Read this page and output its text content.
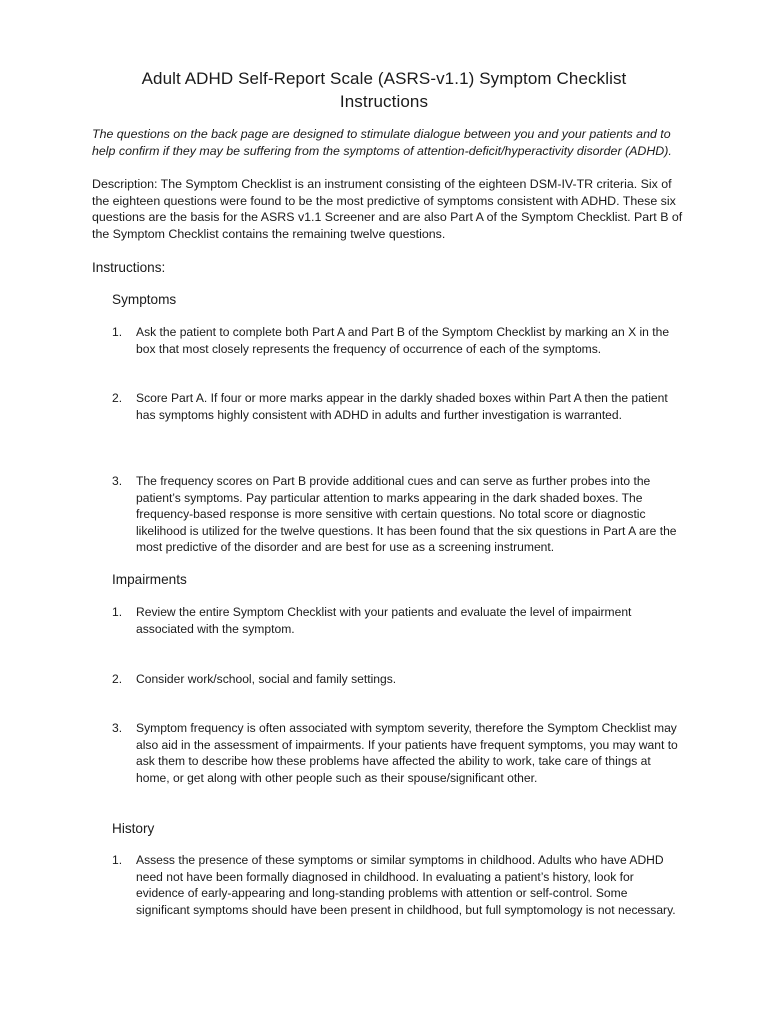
Adult ADHD Self-Report Scale (ASRS-v1.1) Symptom Checklist
Instructions
The questions on the back page are designed to stimulate dialogue between you and your patients and to help confirm if they may be suffering from the symptoms of attention-deficit/hyperactivity disorder (ADHD).
Description: The Symptom Checklist is an instrument consisting of the eighteen DSM-IV-TR criteria. Six of the eighteen questions were found to be the most predictive of symptoms consistent with ADHD. These six questions are the basis for the ASRS v1.1 Screener and are also Part A of the Symptom Checklist. Part B of the Symptom Checklist contains the remaining twelve questions.
Instructions:
Symptoms
1.	Ask the patient to complete both Part A and Part B of the Symptom Checklist by marking an X in the box that most closely represents the frequency of occurrence of each of the symptoms.
2.	Score Part A. If four or more marks appear in the darkly shaded boxes within Part A then the patient has symptoms highly consistent with ADHD in adults and further investigation is warranted.
3.	The frequency scores on Part B provide additional cues and can serve as further probes into the patient’s symptoms. Pay particular attention to marks appearing in the dark shaded boxes. The frequency-based response is more sensitive with certain questions. No total score or diagnostic likelihood is utilized for the twelve questions. It has been found that the six questions in Part A are the most predictive of the disorder and are best for use as a screening instrument.
Impairments
1.	Review the entire Symptom Checklist with your patients and evaluate the level of impairment associated with the symptom.
2.	Consider work/school, social and family settings.
3.	Symptom frequency is often associated with symptom severity, therefore the Symptom Checklist may also aid in the assessment of impairments. If your patients have frequent symptoms, you may want to ask them to describe how these problems have affected the ability to work, take care of things at home, or get along with other people such as their spouse/significant other.
History
1.	Assess the presence of these symptoms or similar symptoms in childhood. Adults who have ADHD need not have been formally diagnosed in childhood. In evaluating a patient’s history, look for evidence of early-appearing and long-standing problems with attention or self-control. Some significant symptoms should have been present in childhood, but full symptomology is not necessary.
